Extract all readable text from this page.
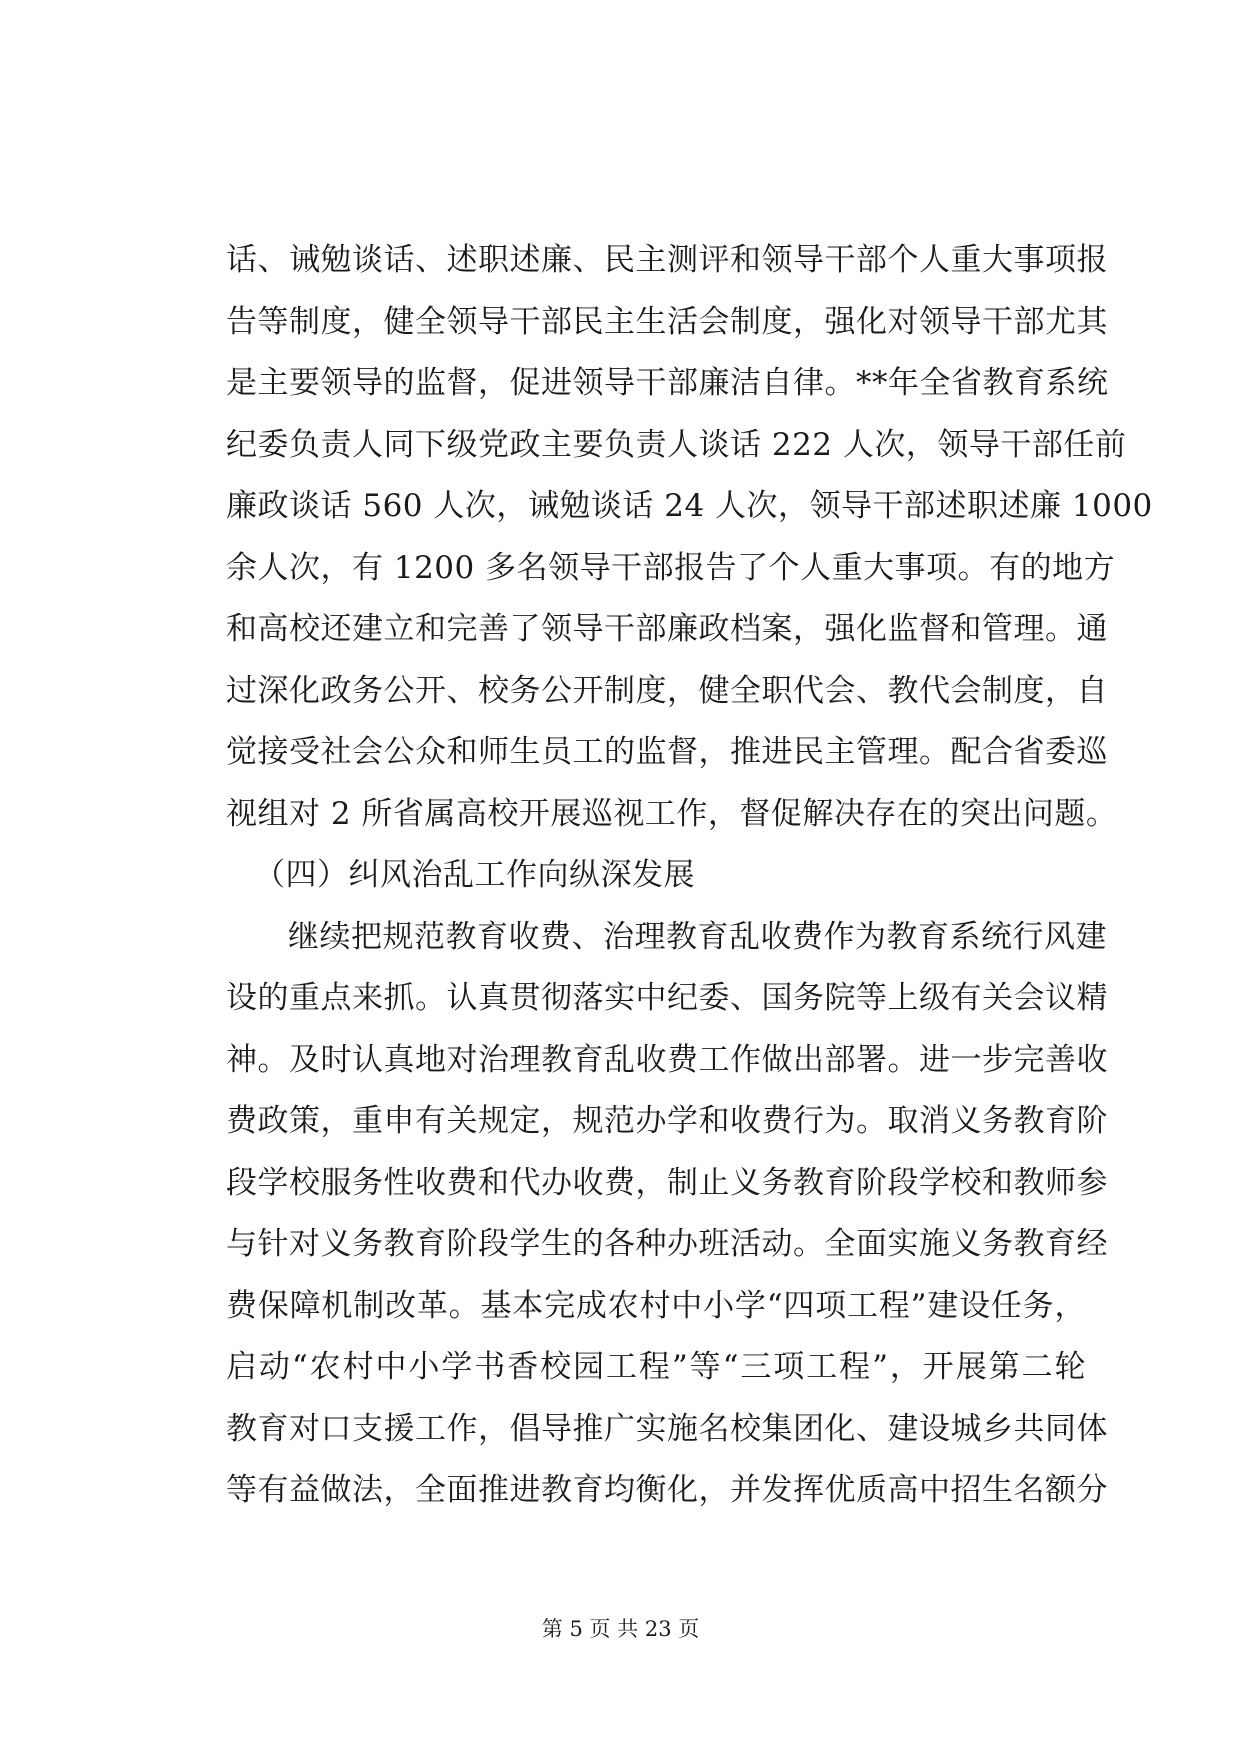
话、诫勉谈话、述职述廉、民主测评和领导干部个人重大事项报
告等制度，健全领导干部民主生活会制度，强化对领导干部尤其
是主要领导的监督，促进领导干部廉洁自律。**年全省教育系统
纪委负责人同下级党政主要负责人谈话 222 人次，领导干部任前
廉政谈话 560 人次，诫勉谈话 24 人次，领导干部述职述廉 1000
余人次，有 1200 多名领导干部报告了个人重大事项。有的地方
和高校还建立和完善了领导干部廉政档案，强化监督和管理。通
过深化政务公开、校务公开制度，健全职代会、教代会制度，自
觉接受社会公众和师生员工的监督，推进民主管理。配合省委巡
视组对 2 所省属高校开展巡视工作，督促解决存在的突出问题。
（四）纠风治乱工作向纵深发展
继续把规范教育收费、治理教育乱收费作为教育系统行风建
设的重点来抓。认真贯彻落实中纪委、国务院等上级有关会议精
神。及时认真地对治理教育乱收费工作做出部署。进一步完善收
费政策，重申有关规定，规范办学和收费行为。取消义务教育阶
段学校服务性收费和代办收费，制止义务教育阶段学校和教师参
与针对义务教育阶段学生的各种办班活动。全面实施义务教育经
费保障机制改革。基本完成农村中小学“四项工程”建设任务，
启动“农村中小学书香校园工程”等“三项工程”，开展第二轮
教育对口支援工作，倡导推广实施名校集团化、建设城乡共同体
等有益做法，全面推进教育均衡化，并发挥优质高中招生名额分
第 5 页 共 23 页
